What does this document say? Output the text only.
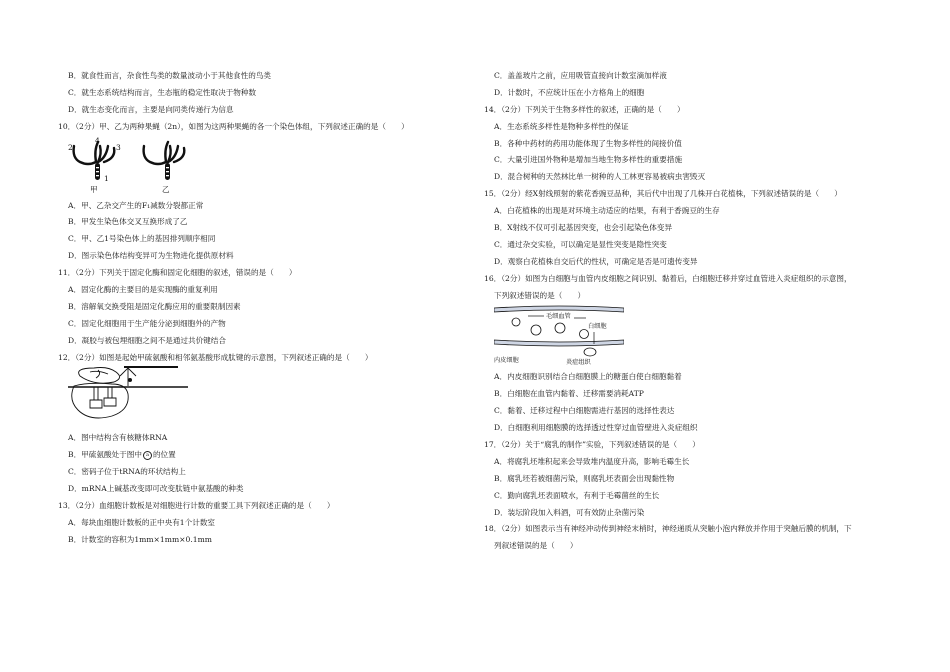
B．就食性而言，杂食性鸟类的数量波动小于其他食性的鸟类
C．就生态系统结构而言，生态瓶的稳定性取决于物种数
D．就生态变化而言，主要是向同类传递行为信息
10．（2分）甲、乙为两种果蝇（2n），如图为这两种果蝇的各一个染色体组，下列叙述正确的是（　　）
2
4
3
1
甲	乙
A．甲、乙杂交产生的F₁减数分裂都正常
B．甲发生染色体交叉互换形成了乙
C．甲、乙1号染色体上的基因排列顺序相同
D．图示染色体结构变异可为生物进化提供原材料
11．（2分）下列关于固定化酶和固定化细胞的叙述，错误的是（　　）
A．固定化酶的主要目的是实现酶的重复利用
B．溶解氧交换受阻是固定化酶应用的重要限制因素
C．固定化细胞用于生产能分泌到细胞外的产物
D．凝胶与被包埋细胞之间不是通过共价键结合
12．（2分）如图是起始甲硫氨酸和相邻氨基酸形成肽键的示意图，下列叙述正确的是（　　）
A．图中结构含有核糖体RNA
B．甲硫氨酸处于图中 a 的位置
C．密码子位于tRNA的环状结构上
D．mRNA上碱基改变即可改变肽链中氨基酸的种类
13．（2分）血细胞计数板是对细胞进行计数的重要工具下列叙述正确的是（　　）
A．每块血细胞计数板的正中央有1个计数室
B．计数室的容积为1mm×1mm×0.1mm
C．盖盖玻片之前，应用吸管直接向计数室滴加样液
D．计数时，不应统计压在小方格角上的细胞
14．（2分）下列关于生物多样性的叙述，正确的是（　　）
A．生态系统多样性是物种多样性的保证
B．各种中药材的药用功能体现了生物多样性的间接价值
C．大量引进国外物种是增加当地生物多样性的重要措施
D．混合树种的天然林比单一树种的人工林更容易被病虫害毁灭
15．（2分）经X射线照射的紫花香豌豆品种，其后代中出现了几株开白花植株，下列叙述错误的是（　　）
A．白花植株的出现是对环境主动适应的结果，有利于香豌豆的生存
B．X射线不仅可引起基因突变，也会引起染色体变异
C．通过杂交实验，可以确定是显性突变是隐性突变
D．观察白花植株自交后代的性状，可确定是否是可遗传变异
16．（2分）如图为白细胞与血管内皮细胞之间识别、黏着后，白细胞迁移并穿过血管进入炎症组织的示意图，
下列叙述错误的是（　　）
毛细血管
白细胞
内皮细胞	炎症组织
A．内皮细胞识别结合白细胞膜上的糖蛋白使白细胞黏着
B．白细胞在血管内黏着、迁移需要消耗ATP
C．黏着、迁移过程中白细胞需进行基因的选择性表达
D．白细胞利用细胞膜的选择透过性穿过血管壁进入炎症组织
17．（2分）关于“腐乳的制作”实验，下列叙述错误的是（　　）
A．将腐乳坯堆积起来会导致堆内温度升高，影响毛霉生长
B．腐乳坯若被细菌污染，则腐乳坯表面会出现黏性物
C．勤向腐乳坯表面喷水，有利于毛霉菌丝的生长
D．装坛阶段加入料酒，可有效防止杂菌污染
18．（2分）如图表示当有神经冲动传到神经末梢时，神经递质从突触小泡内释放并作用于突触后膜的机制，下
列叙述错误的是（　　）
